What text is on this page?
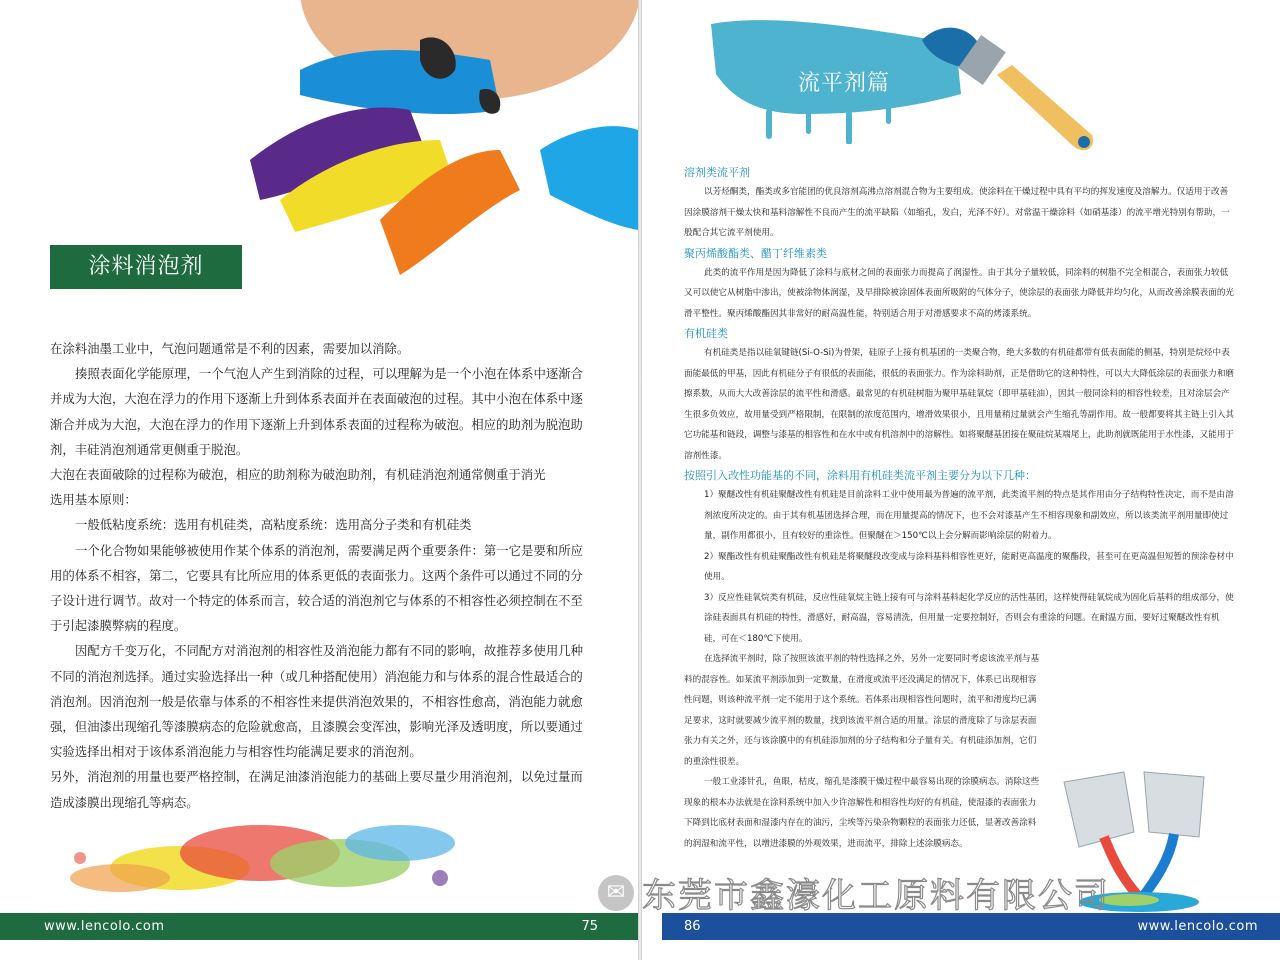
涂料消泡剂

在涂料油墨工业中，气泡问题通常是不利的因素，需要加以消除。

揍照表面化学能原理，一个气泡人产生到消除的过程，可以理解为是一个小泡在体系中逐渐合并成为大泡，大泡在浮力的作用下逐渐上升到体系表面并在表面破泡的过程。其中小泡在体系中逐渐合并成为大泡，大泡在浮力的作用下逐渐上升到体系表面的过程称为破泡。相应的助剂为脱泡助剂，丰硅消泡剂通常更侧重于脱泡。

大泡在表面破除的过程称为破泡，相应的助剂称为破泡助剂，有机硅消泡剂通常侧重于消光

选用基本原则：

一般低粘度系统：选用有机硅类，高粘度系统：选用高分子类和有机硅类

一个化合物如果能够被使用作某个体系的消泡剂，需要满足两个重要条件：第一它是要和所应用的体系不相容，第二，它要具有比所应用的体系更低的表面张力。这两个条件可以通过不同的分子设计进行调节。故对一个特定的体系而言，较合适的消泡剂它与体系的不相容性必须控制在不至于引起漆膜弊病的程度。

因配方千变万化，不同配方对消泡剂的相容性及消泡能力都有不同的影响，故推荐多使用几种不同的消泡剂选择。通过实验选择出一种（或几种搭配使用）消泡能力和与体系的混合性最适合的消泡剂。因消泡剂一般是依靠与体系的不相容性来提供消泡效果的，不相容性愈高，消泡能力就愈强，但油漆出现缩孔等漆膜病态的危险就愈高，且漆膜会变浑浊，影响光泽及透明度，所以要通过实验选择出相对于该体系消泡能力与相容性均能满足要求的消泡剂。

另外，消泡剂的用量也要严格控制，在满足油漆消泡能力的基础上要尽量少用消泡剂，以免过量而造成漆膜出现缩孔等病态。

www.lencolo.com	75
流平剂篇
溶剂类流平剂
以芳烃酮类，酯类或多官能团的优良溶剂高沸点溶剂混合物为主要组成。使涂料在干燥过程中具有平均的挥发速度及溶解力。仅适用于改善因涂膜溶剂干燥太快和基料溶解性不良而产生的流平缺陷（如缩孔，发白，光泽不好）。对常温干燥涂料（如硝基漆）的流平增光特别有帮助，一般配合其它流平剂使用。
聚丙烯酸酯类、醋丁纤维素类
此类的流平作用是因为降低了涂料与底材之间的表面张力而提高了润湿性。由于其分子量较低，同涂料的树脂不完全相混合，表面张力较低又可以使它从树脂中渗出，使被涂物体润湿，及早排除被涂固体表面所吸附的气体分子，使涂层的表面张力降低并均匀化，从而改善涂膜表面的光滑平整性。聚丙烯酸酯因其非常好的耐高温性能，特别适合用于对滑感要求不高的烤漆系统。
有机硅类
有机硅类是指以硅氧键链(Si-O-Si)为骨架，硅原子上接有机基团的一类聚合物，绝大多数的有机硅都带有低表面能的侧基，特别是烷烃中表面能最低的甲基，因此有机硅分子有很低的表面能，很低的表面张力。作为涂料助剂，正是借助它的这种特性，可以大大降低涂层的表面张力和磨擦系数，从而大大改善涂层的流平性和滑感。最常见的有机硅树脂为聚甲基硅氧烷（即甲基硅油），因其一般同涂料的相容性较差，且对涂层会产生很多负效应，故用量受到严格限制，在限制的浓度范围内，增滑效果很小，且用量稍过量就会产生缩孔等副作用。故一般都要将其主链上引入其它功能基和链段，调整与漆基的相容性和在水中或有机溶剂中的溶解性。如将聚醚基团接在聚硅烷某端尾上，此助剂就既能用于水性漆，又能用于溶剂性漆。
按照引入改性功能基的不同，涂料用有机硅类流平剂主要分为以下几种：
1）聚醚改性有机硅聚醚改性有机硅是目前涂料工业中使用最为普遍的流平剂，此类流平剂的特点是其作用由分子结构特性决定，而不是由溶剂浓度所决定的。由于其有机基团选择合理，而在用量提高的情况下，也不会对漆基产生不相容现象和副效应，所以该类流平剂用量即使过量，副作用都很小，且有较好的重涂性。但聚醚在＞150℃以上会分解而影响涂层的附着力。
2）聚酯改性有机硅聚酯改性有机硅是将聚醚段改变成与涂料基料相容性更好，能耐更高温度的聚酯段，甚至可在更高温但短暂的预涂卷材中使用。
3）反应性硅氧烷类有机硅，反应性硅氧烷主链上接有可与涂料基料起化学反应的活性基团，这样使得硅氧烷成为固化后基料的组成部分，使涂硅表面具有机硅的特性，滑感好，耐高温，容易清洗，但用量一定要控制好，否则会有重涂的问题。在耐温方面，要好过聚醚改性有机硅，可在＜180℃下使用。
在选择流平剂时，除了按照该流平剂的特性选择之外，另外一定要同时考虑该流平剂与基料的混容性。如某流平剂添加到一定数量，在滑度或流平还没满足的情况下，体系已出现相容性问题，则该种流平剂一定不能用于这个系统。若体系出现相容性问题时，流平和滑度均已满足要求，这时就要减少流平剂的数量，找到该流平剂合适的用量。涂层的滑度除了与涂层表面张力有关之外，还与该涂膜中的有机硅添加剂的分子结构和分子量有关。有机硅添加剂，它们的重涂性很差。
一般工业漆针孔，鱼眼，桔皮，缩孔是漆膜干燥过程中最容易出现的涂膜病态。消除这些现象的根本办法就是在涂料系统中加入少许溶解性和相容性均好的有机硅，使湿漆的表面张力下降到比底材表面和湿漆内存在的油污，尘埃等污染杂物颗粒的表面张力还低，显著改善涂料的润湿和流平性，以增进漆膜的外观效果，进而流平，排除上述涂膜病态。
86	www.lencolo.com
✉ 东莞市鑫濠化工原料有限公司
